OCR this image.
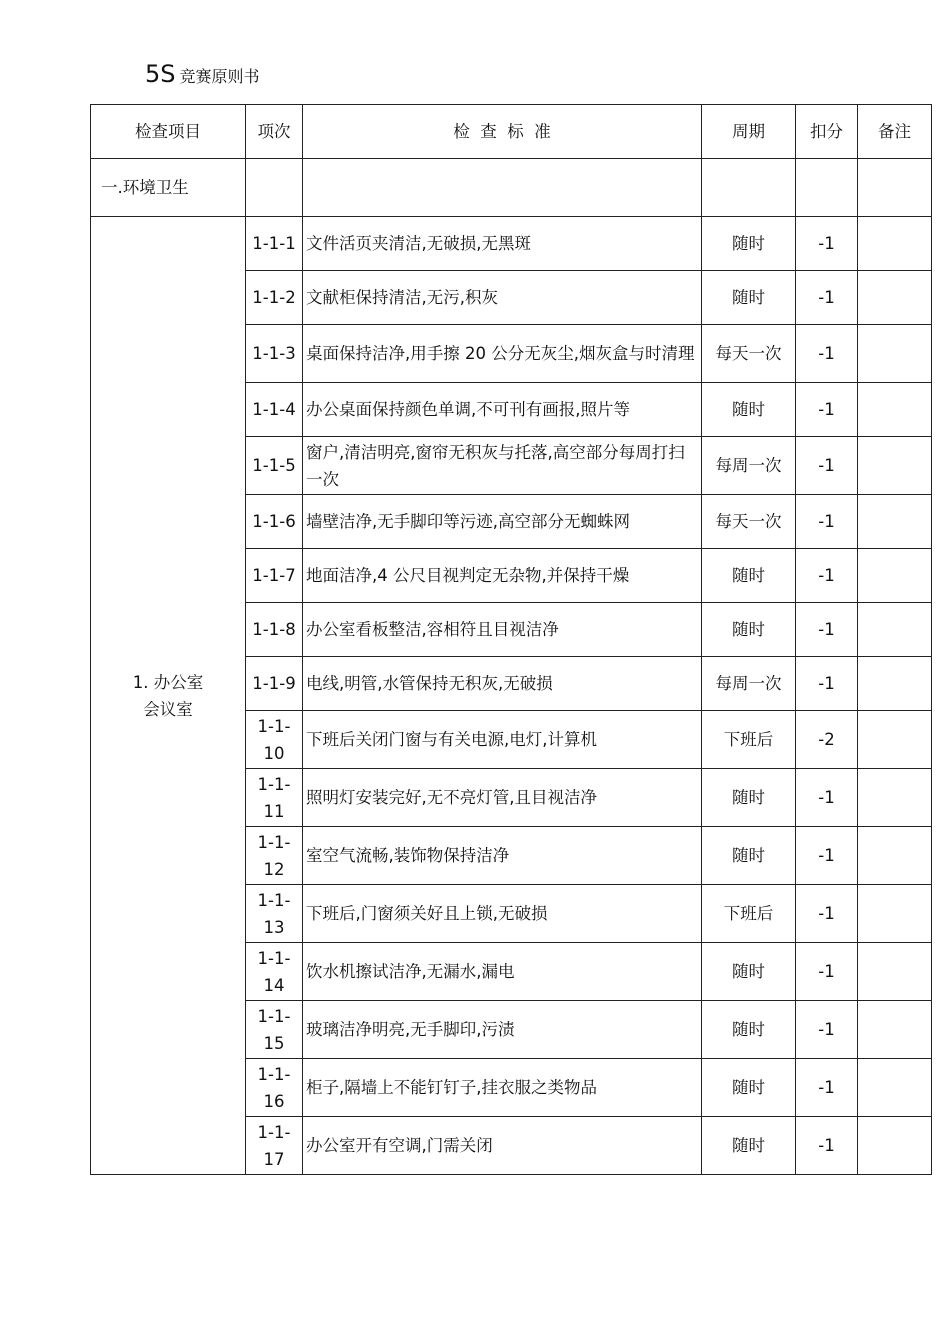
5S 竞赛原则书
检查项目	项次	检  查  标  准	周期	扣分	备注
一.环境卫生					

1. 办公室
会议室	1-1-1	文件活页夹清洁,无破损,无黑斑	随时	-1	
	1-1-2	文献柜保持清洁,无污,积灰	随时	-1	
	1-1-3	桌面保持洁净,用手擦 20 公分无灰尘,烟灰盒与时清理	每天一次	-1	
	1-1-4	办公桌面保持颜色单调,不可刊有画报,照片等	随时	-1	
	1-1-5	窗户,清洁明亮,窗帘无积灰与托落,高空部分每周打扫一次	每周一次	-1	
	1-1-6	墙壁洁净,无手脚印等污迹,高空部分无蜘蛛网	每天一次	-1	
	1-1-7	地面洁净,4 公尺目视判定无杂物,并保持干燥	随时	-1	
	1-1-8	办公室看板整洁,容相符且目视洁净	随时	-1	
	1-1-9	电线,明管,水管保持无积灰,无破损	每周一次	-1	
	1-1-10	下班后关闭门窗与有关电源,电灯,计算机	下班后	-2	
	1-1-11	照明灯安装完好,无不亮灯管,且目视洁净	随时	-1	
	1-1-12	室空气流畅,装饰物保持洁净	随时	-1	
	1-1-13	下班后,门窗须关好且上锁,无破损	下班后	-1	
	1-1-14	饮水机擦试洁净,无漏水,漏电	随时	-1	
	1-1-15	玻璃洁净明亮,无手脚印,污渍	随时	-1	
	1-1-16	柜子,隔墙上不能钉钉子,挂衣服之类物品	随时	-1	
	1-1-17	办公室开有空调,门需关闭	随时	-1	
